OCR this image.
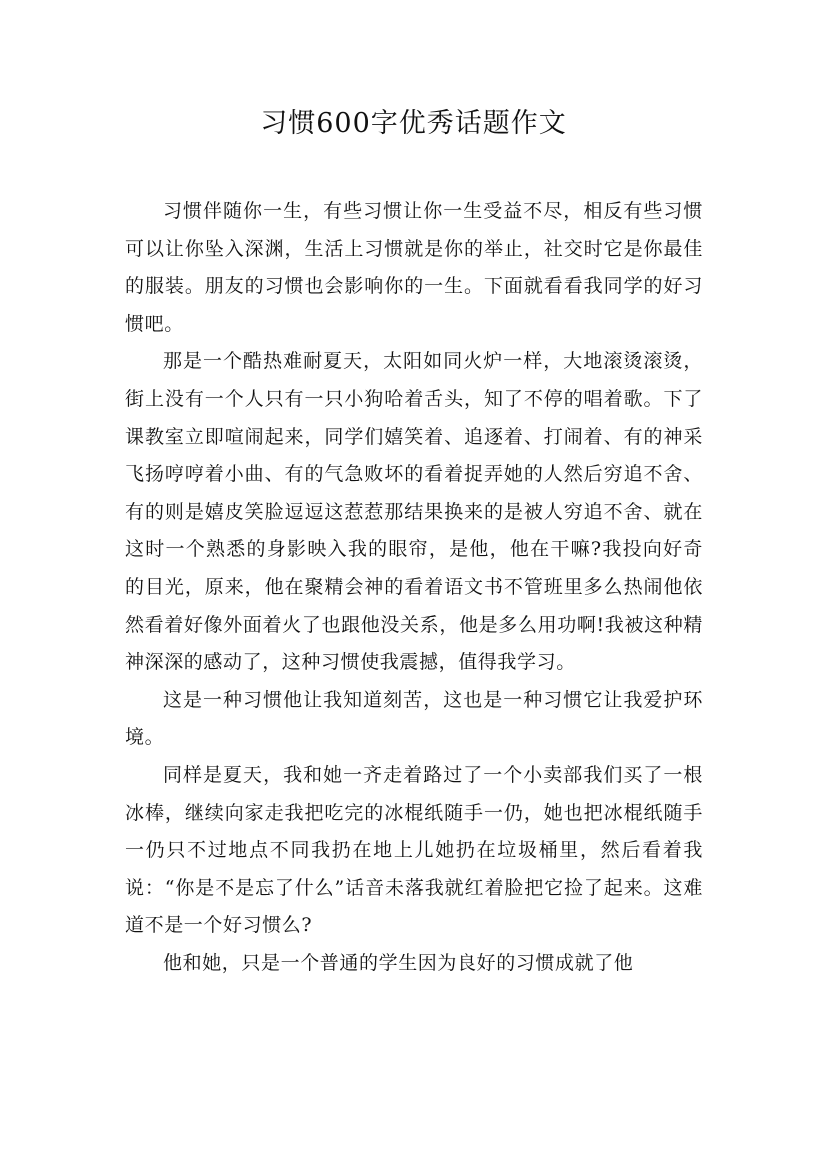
习惯600字优秀话题作文

习惯伴随你一生，有些习惯让你一生受益不尽，相反有些习惯可以让你坠入深渊，生活上习惯就是你的举止，社交时它是你最佳的服装。朋友的习惯也会影响你的一生。下面就看看我同学的好习惯吧。

那是一个酷热难耐夏天，太阳如同火炉一样，大地滚烫滚烫，街上没有一个人只有一只小狗哈着舌头，知了不停的唱着歌。下了课教室立即喧闹起来，同学们嬉笑着、追逐着、打闹着、有的神采飞扬哼哼着小曲、有的气急败坏的看着捉弄她的人然后穷追不舍、有的则是嬉皮笑脸逗逗这惹惹那结果换来的是被人穷追不舍、就在这时一个熟悉的身影映入我的眼帘，是他，他在干嘛?我投向好奇的目光，原来，他在聚精会神的看着语文书不管班里多么热闹他依然看着好像外面着火了也跟他没关系，他是多么用功啊!我被这种精神深深的感动了，这种习惯使我震撼，值得我学习。

这是一种习惯他让我知道刻苦，这也是一种习惯它让我爱护环境。

同样是夏天，我和她一齐走着路过了一个小卖部我们买了一根冰棒，继续向家走我把吃完的冰棍纸随手一仍，她也把冰棍纸随手一仍只不过地点不同我扔在地上儿她扔在垃圾桶里，然后看着我说：“你是不是忘了什么”话音未落我就红着脸把它捡了起来。这难道不是一个好习惯么?

他和她，只是一个普通的学生因为良好的习惯成就了他
